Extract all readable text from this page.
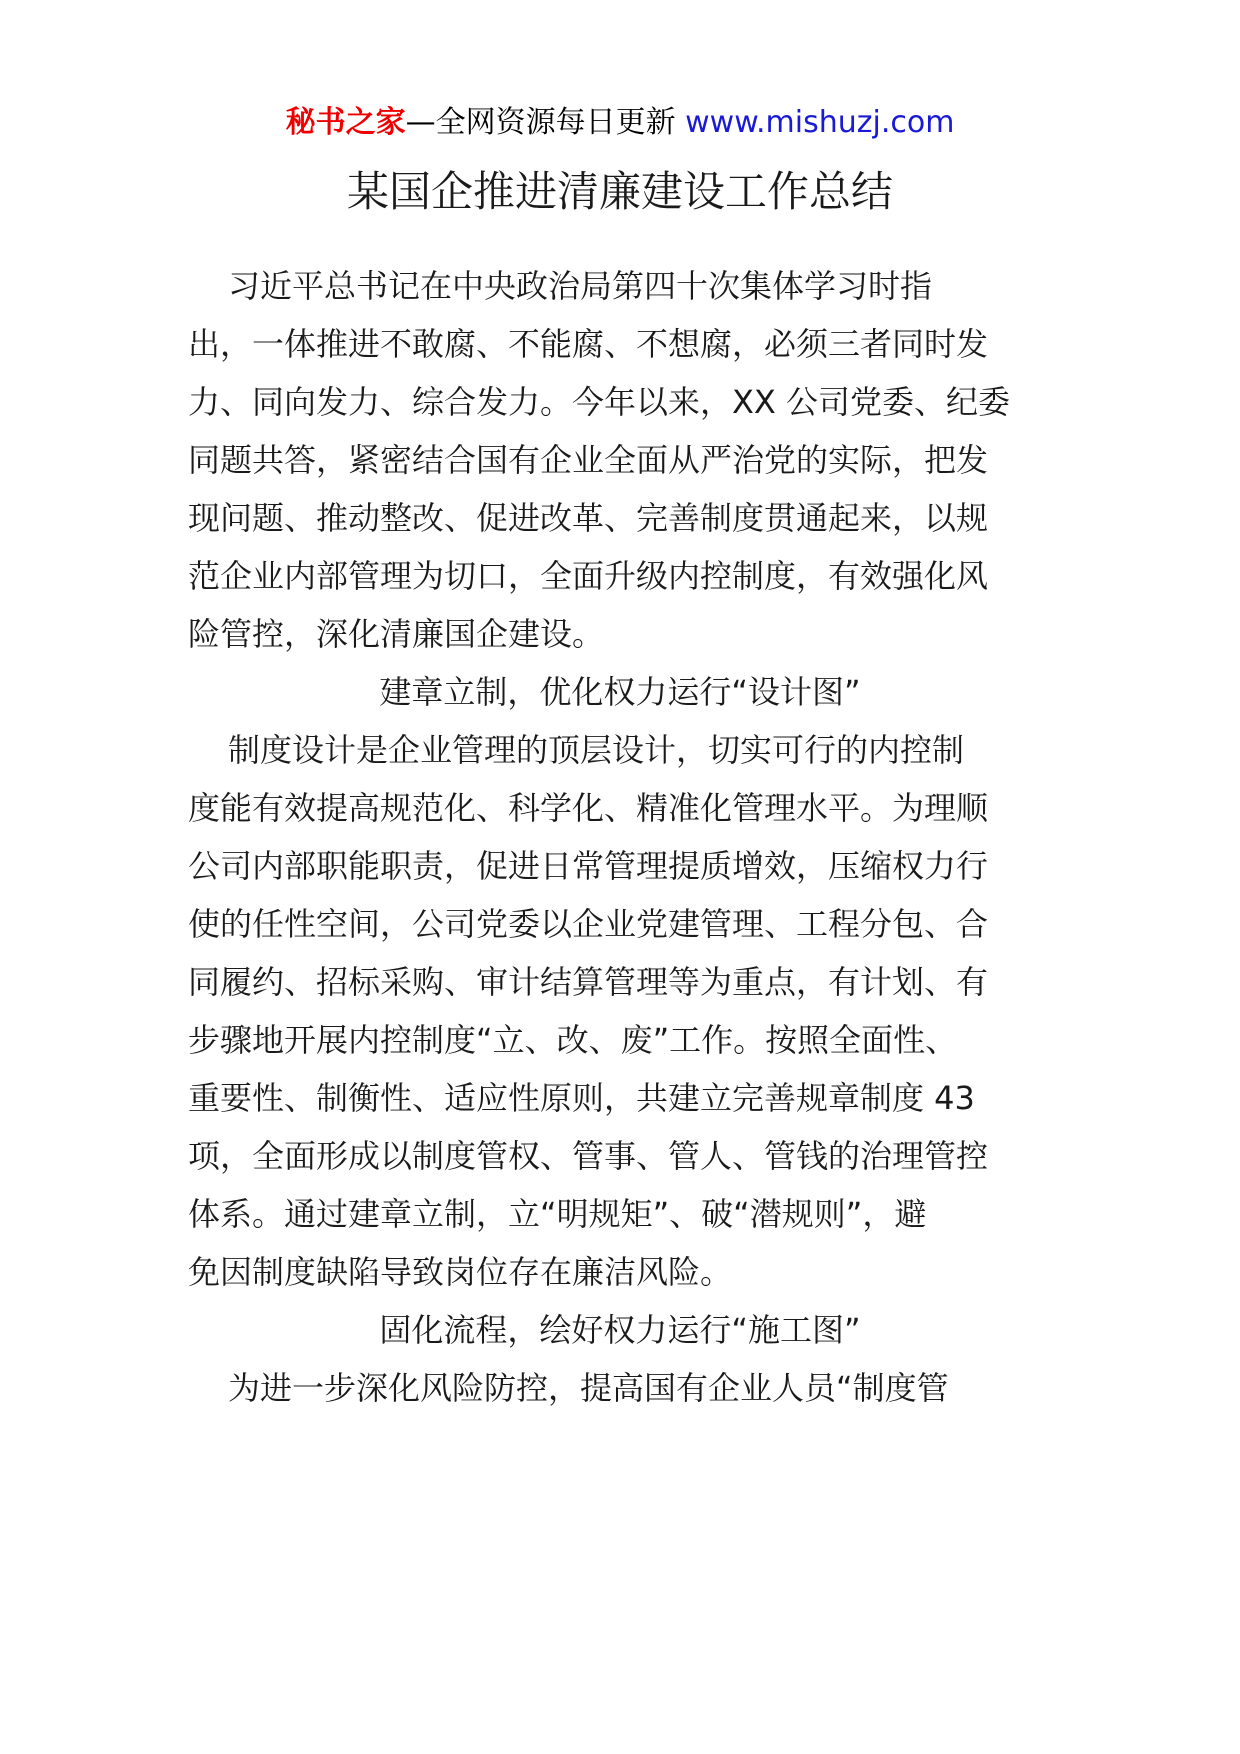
秘书之家—全网资源每日更新 www.mishuzj.com
某国企推进清廉建设工作总结
习近平总书记在中央政治局第四十次集体学习时指
出，一体推进不敢腐、不能腐、不想腐，必须三者同时发
力、同向发力、综合发力。今年以来，XX 公司党委、纪委
同题共答，紧密结合国有企业全面从严治党的实际，把发
现问题、推动整改、促进改革、完善制度贯通起来，以规
范企业内部管理为切口，全面升级内控制度，有效强化风
险管控，深化清廉国企建设。
建章立制，优化权力运行“设计图”
制度设计是企业管理的顶层设计，切实可行的内控制
度能有效提高规范化、科学化、精准化管理水平。为理顺
公司内部职能职责，促进日常管理提质增效，压缩权力行
使的任性空间，公司党委以企业党建管理、工程分包、合
同履约、招标采购、审计结算管理等为重点，有计划、有
步骤地开展内控制度“立、改、废”工作。按照全面性、
重要性、制衡性、适应性原则，共建立完善规章制度 43
项，全面形成以制度管权、管事、管人、管钱的治理管控
体系。通过建章立制，立“明规矩”、破“潜规则”，避
免因制度缺陷导致岗位存在廉洁风险。
固化流程，绘好权力运行“施工图”
为进一步深化风险防控，提高国有企业人员“制度管
